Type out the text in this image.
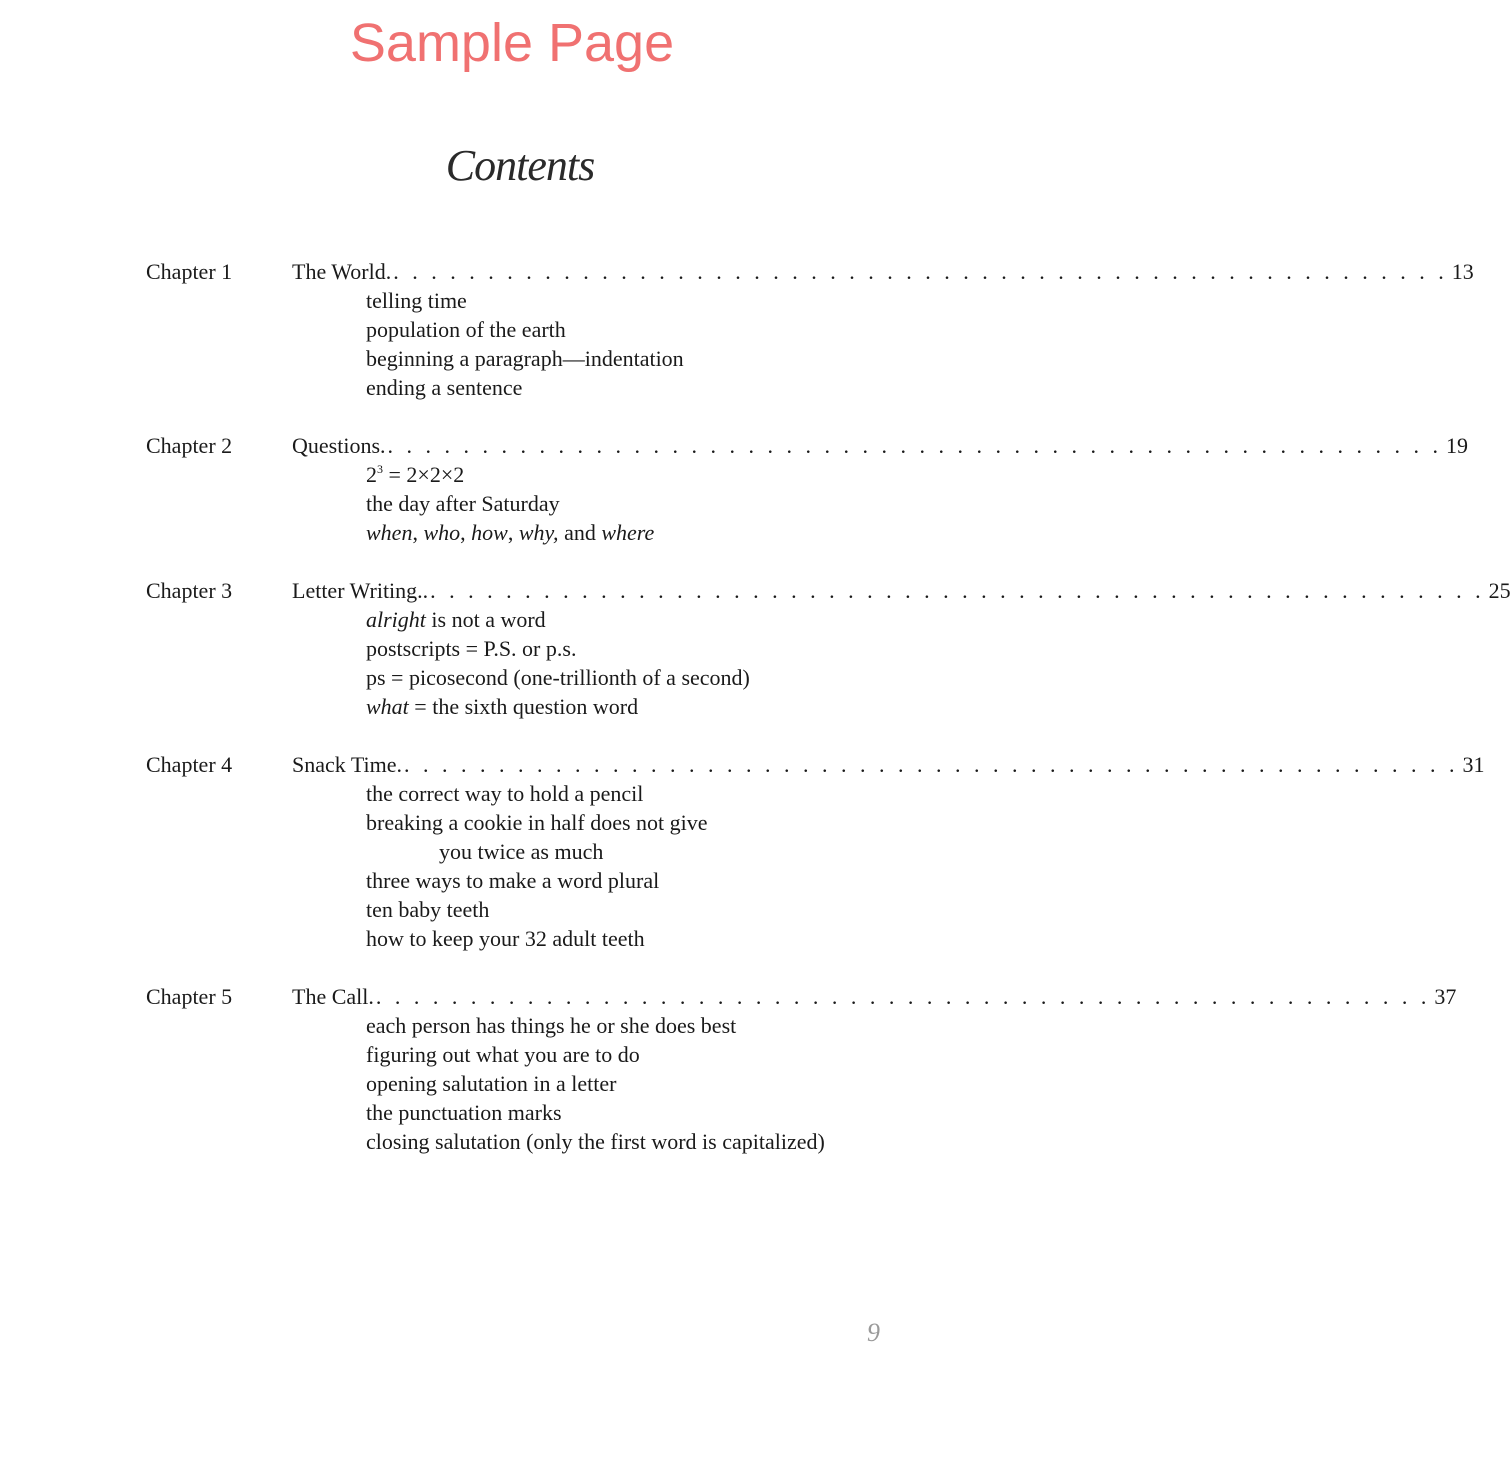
Sample Page
Contents
Chapter 1	The World. . . . . . . . . . . . . . . . . . . . . . . . . . . . . . . . . . . . . . . . . . . . . . . . . . . . . . . . . 13
telling time
population of the earth
beginning a paragraph—indentation
ending a sentence
Chapter 2	Questions. . . . . . . . . . . . . . . . . . . . . . . . . . . . . . . . . . . . . . . . . . . . . . . . . . . . . . . . . 19
$2^3 = 2\times 2\times 2$
the day after Saturday
when, who, how, why, and where
Chapter 3	Letter Writing.. . . . . . . . . . . . . . . . . . . . . . . . . . . . . . . . . . . . . . . . . . . . . . . . . . . . . . . . . 25
alright is not a word
postscripts = P.S. or p.s.
ps = picosecond (one-trillionth of a second)
what = the sixth question word
Chapter 4	Snack Time. . . . . . . . . . . . . . . . . . . . . . . . . . . . . . . . . . . . . . . . . . . . . . . . . . . . . . . . . 31
the correct way to hold a pencil
breaking a cookie in half does not give
you twice as much
three ways to make a word plural
ten baby teeth
how to keep your 32 adult teeth
Chapter 5	The Call. . . . . . . . . . . . . . . . . . . . . . . . . . . . . . . . . . . . . . . . . . . . . . . . . . . . . . . . . 37
each person has things he or she does best
figuring out what you are to do
opening salutation in a letter
the punctuation marks
closing salutation (only the first word is capitalized)
9
